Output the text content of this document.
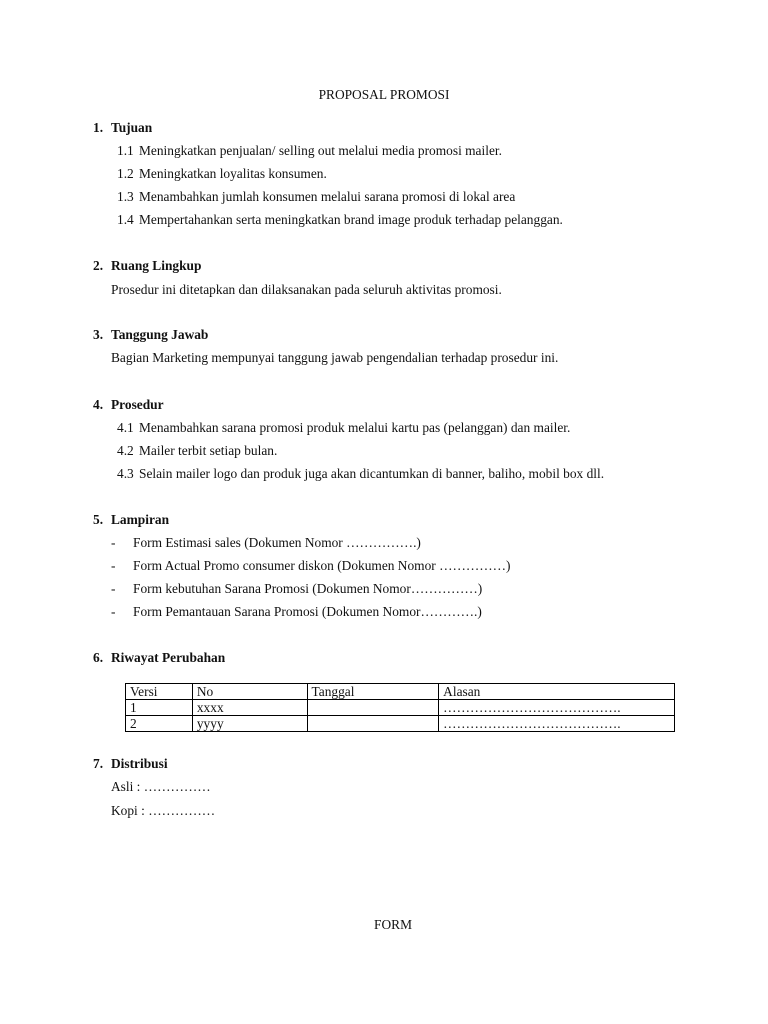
PROPOSAL PROMOSI
1. Tujuan
1.1 Meningkatkan penjualan/ selling out melalui media promosi mailer.
1.2 Meningkatkan loyalitas konsumen.
1.3 Menambahkan jumlah konsumen melalui sarana promosi di lokal area
1.4 Mempertahankan serta meningkatkan brand image produk terhadap pelanggan.
2. Ruang Lingkup
Prosedur ini ditetapkan dan dilaksanakan pada seluruh aktivitas promosi.
3. Tanggung Jawab
Bagian Marketing mempunyai tanggung jawab pengendalian terhadap prosedur ini.
4. Prosedur
4.1 Menambahkan sarana promosi produk melalui kartu pas (pelanggan) dan mailer.
4.2 Mailer terbit setiap bulan.
4.3 Selain mailer logo dan produk juga akan dicantumkan di banner, baliho, mobil box dll.
5. Lampiran
- Form Estimasi sales (Dokumen Nomor …………….)
- Form Actual Promo consumer diskon (Dokumen Nomor ……………)
- Form kebutuhan Sarana Promosi (Dokumen Nomor……………)
- Form Pemantauan Sarana Promosi (Dokumen Nomor………….)
6. Riwayat Perubahan
Versi	No	Tanggal	Alasan
1	xxxx		………………………………….
2	yyyy		………………………………….
7. Distribusi
Asli : ……………
Kopi : ……………
FORM
